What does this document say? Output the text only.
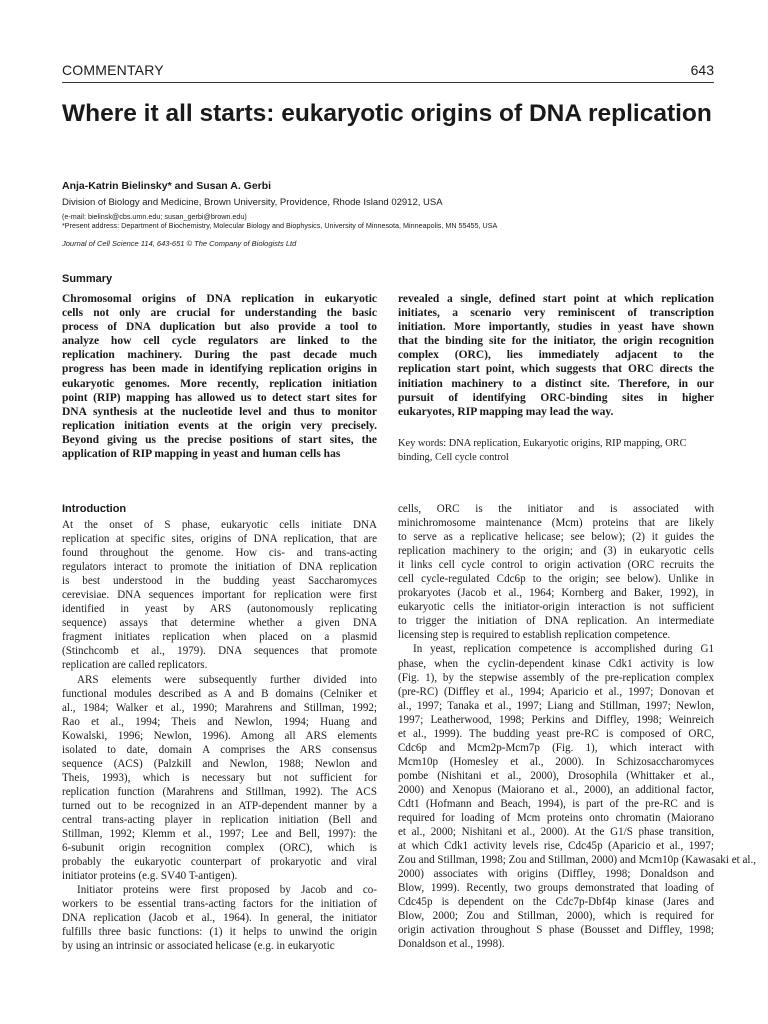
COMMENTARY	643
Where it all starts: eukaryotic origins of DNA replication
Anja-Katrin Bielinsky* and Susan A. Gerbi
Division of Biology and Medicine, Brown University, Providence, Rhode Island 02912, USA
(e-mail: bielinsk@cbs.umn.edu; susan_gerbi@brown.edu)
*Present address: Department of Biochemistry, Molecular Biology and Biophysics, University of Minnesota, Minneapolis, MN 55455, USA
Journal of Cell Science 114, 643-651 © The Company of Biologists Ltd
Summary
Chromosomal origins of DNA replication in eukaryotic
cells not only are crucial for understanding the basic
process of DNA duplication but also provide a tool to
analyze how cell cycle regulators are linked to the
replication machinery. During the past decade much
progress has been made in identifying replication origins in
eukaryotic genomes. More recently, replication initiation
point (RIP) mapping has allowed us to detect start sites for
DNA synthesis at the nucleotide level and thus to monitor
replication initiation events at the origin very precisely.
Beyond giving us the precise positions of start sites, the
application of RIP mapping in yeast and human cells has
revealed a single, defined start point at which replication
initiates, a scenario very reminiscent of transcription
initiation. More importantly, studies in yeast have shown
that the binding site for the initiator, the origin recognition
complex (ORC), lies immediately adjacent to the
replication start point, which suggests that ORC directs the
initiation machinery to a distinct site. Therefore, in our
pursuit of identifying ORC-binding sites in higher
eukaryotes, RIP mapping may lead the way.
Key words: DNA replication, Eukaryotic origins, RIP mapping, ORC
binding, Cell cycle control
Introduction
At the onset of S phase, eukaryotic cells initiate DNA
replication at specific sites, origins of DNA replication, that are
found throughout the genome. How cis- and trans-acting
regulators interact to promote the initiation of DNA replication
is best understood in the budding yeast Saccharomyces
cerevisiae. DNA sequences important for replication were first
identified in yeast by ARS (autonomously replicating
sequence) assays that determine whether a given DNA
fragment initiates replication when placed on a plasmid
(Stinchcomb et al., 1979). DNA sequences that promote
replication are called replicators.
ARS elements were subsequently further divided into
functional modules described as A and B domains (Celniker et
al., 1984; Walker et al., 1990; Marahrens and Stillman, 1992;
Rao et al., 1994; Theis and Newlon, 1994; Huang and
Kowalski, 1996; Newlon, 1996). Among all ARS elements
isolated to date, domain A comprises the ARS consensus
sequence (ACS) (Palzkill and Newlon, 1988; Newlon and
Theis, 1993), which is necessary but not sufficient for
replication function (Marahrens and Stillman, 1992). The ACS
turned out to be recognized in an ATP-dependent manner by a
central trans-acting player in replication initiation (Bell and
Stillman, 1992; Klemm et al., 1997; Lee and Bell, 1997): the
6-subunit origin recognition complex (ORC), which is
probably the eukaryotic counterpart of prokaryotic and viral
initiator proteins (e.g. SV40 T-antigen).
Initiator proteins were first proposed by Jacob and co-
workers to be essential trans-acting factors for the initiation of
DNA replication (Jacob et al., 1964). In general, the initiator
fulfills three basic functions: (1) it helps to unwind the origin
by using an intrinsic or associated helicase (e.g. in eukaryotic
cells, ORC is the initiator and is associated with
minichromosome maintenance (Mcm) proteins that are likely
to serve as a replicative helicase; see below); (2) it guides the
replication machinery to the origin; and (3) in eukaryotic cells
it links cell cycle control to origin activation (ORC recruits the
cell cycle-regulated Cdc6p to the origin; see below). Unlike in
prokaryotes (Jacob et al., 1964; Kornberg and Baker, 1992), in
eukaryotic cells the initiator-origin interaction is not sufficient
to trigger the initiation of DNA replication. An intermediate
licensing step is required to establish replication competence.
In yeast, replication competence is accomplished during G1
phase, when the cyclin-dependent kinase Cdk1 activity is low
(Fig. 1), by the stepwise assembly of the pre-replication complex
(pre-RC) (Diffley et al., 1994; Aparicio et al., 1997; Donovan et
al., 1997; Tanaka et al., 1997; Liang and Stillman, 1997; Newlon,
1997; Leatherwood, 1998; Perkins and Diffley, 1998; Weinreich
et al., 1999). The budding yeast pre-RC is composed of ORC,
Cdc6p and Mcm2p-Mcm7p (Fig. 1), which interact with
Mcm10p (Homesley et al., 2000). In Schizosaccharomyces
pombe (Nishitani et al., 2000), Drosophila (Whittaker et al.,
2000) and Xenopus (Maiorano et al., 2000), an additional factor,
Cdt1 (Hofmann and Beach, 1994), is part of the pre-RC and is
required for loading of Mcm proteins onto chromatin (Maiorano
et al., 2000; Nishitani et al., 2000). At the G1/S phase transition,
at which Cdk1 activity levels rise, Cdc45p (Aparicio et al., 1997;
Zou and Stillman, 1998; Zou and Stillman, 2000) and Mcm10p (Kawasaki et al.,
2000) associates with origins (Diffley, 1998; Donaldson and
Blow, 1999). Recently, two groups demonstrated that loading of
Cdc45p is dependent on the Cdc7p-Dbf4p kinase (Jares and
Blow, 2000; Zou and Stillman, 2000), which is required for
origin activation throughout S phase (Bousset and Diffley, 1998;
Donaldson et al., 1998).
